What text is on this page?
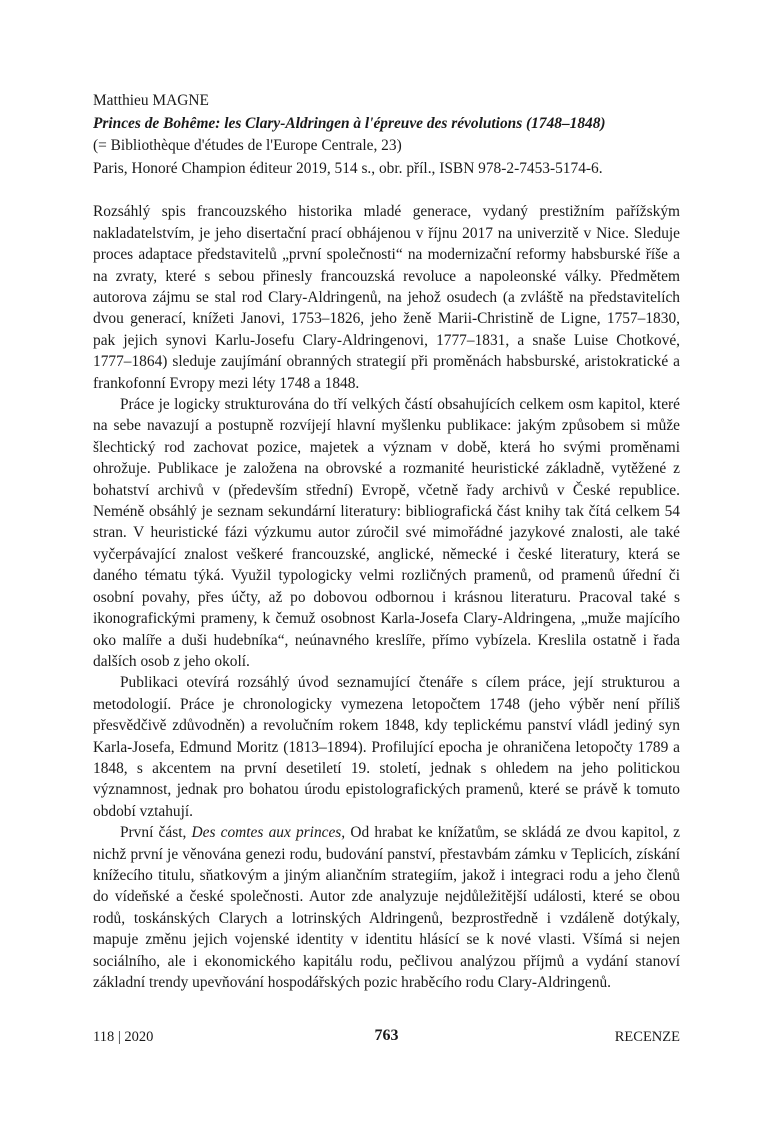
Matthieu MAGNE
Princes de Bohême: les Clary-Aldringen à l'épreuve des révolutions (1748–1848)
(= Bibliothèque d'études de l'Europe Centrale, 23)
Paris, Honoré Champion éditeur 2019, 514 s., obr. příl., ISBN 978-2-7453-5174-6.

Rozsáhlý spis francouzského historika mladé generace, vydaný prestižním pařížským nakladatelstvím, je jeho disertační prací obhájenou v říjnu 2017 na univerzitě v Nice. Sleduje proces adaptace představitelů „první společnosti“ na modernizační reformy habsburské říše a na zvraty, které s sebou přinesly francouzská revoluce a napoleonské války. Předmětem autorova zájmu se stal rod Clary-Aldringenů, na jehož osudech (a zvláště na představitelích dvou generací, knížeti Janovi, 1753–1826, jeho ženě Marii-Christině de Ligne, 1757–1830, pak jejich synovi Karlu-Josefu Clary-Aldringenovi, 1777–1831, a snaše Luise Chotkové, 1777–1864) sleduje zaujímání obranných strategií při proměnách habsburské, aristokratické a frankofonní Evropy mezi léty 1748 a 1848.

Práce je logicky strukturována do tří velkých částí obsahujících celkem osm kapitol, které na sebe navazují a postupně rozvíjejí hlavní myšlenku publikace: jakým způsobem si může šlechtický rod zachovat pozice, majetek a význam v době, která ho svými proměnami ohrožuje. Publikace je založena na obrovské a rozmanité heuristické základně, vytěžené z bohatství archivů v (především střední) Evropě, včetně řady archivů v České republice. Neméně obsáhlý je seznam sekundární literatury: bibliografická část knihy tak čítá celkem 54 stran. V heuristické fázi výzkumu autor zúročil své mimořádné jazykové znalosti, ale také vyčerpávající znalost veškeré francouzské, anglické, německé i české literatury, která se daného tématu týká. Využil typologicky velmi rozličných pramenů, od pramenů úřední či osobní povahy, přes účty, až po dobovou odbornou i krásnou literaturu. Pracoval také s ikonografickými prameny, k čemuž osobnost Karla-Josefa Clary-Aldringena, „muže majícího oko malíře a duši hudebníka“, neúnavného kreslíře, přímo vybízela. Kreslila ostatně i řada dalších osob z jeho okolí.

Publikaci otevírá rozsáhlý úvod seznamující čtenáře s cílem práce, její strukturou a metodologií. Práce je chronologicky vymezena letopočtem 1748 (jeho výběr není příliš přesvědčivě zdůvodněn) a revolučním rokem 1848, kdy teplickému panství vládl jediný syn Karla-Josefa, Edmund Moritz (1813–1894). Profilující epocha je ohraničena letopočty 1789 a 1848, s akcentem na první desetiletí 19. století, jednak s ohledem na jeho politickou významnost, jednak pro bohatou úrodu epistolografických pramenů, které se právě k tomuto období vztahují.

První část, Des comtes aux princes, Od hrabat ke knížatům, se skládá ze dvou kapitol, z nichž první je věnována genezi rodu, budování panství, přestavbám zámku v Teplicích, získání knížecího titulu, sňatkovým a jiným aliančním strategiím, jakož i integraci rodu a jeho členů do vídeňské a české společnosti. Autor zde analyzuje nejdůležitější události, které se obou rodů, toskánských Clarych a lotrinských Aldringenů, bezprostředně i vzdáleně dotýkaly, mapuje změnu jejich vojenské identity v identitu hlásící se k nové vlasti. Všímá si nejen sociálního, ale i ekonomického kapitálu rodu, pečlivou analýzou příjmů a vydání stanoví základní trendy upevňování hospodářských pozic hraběcího rodu Clary-Aldringenů.

118 | 2020	763	RECENZE
